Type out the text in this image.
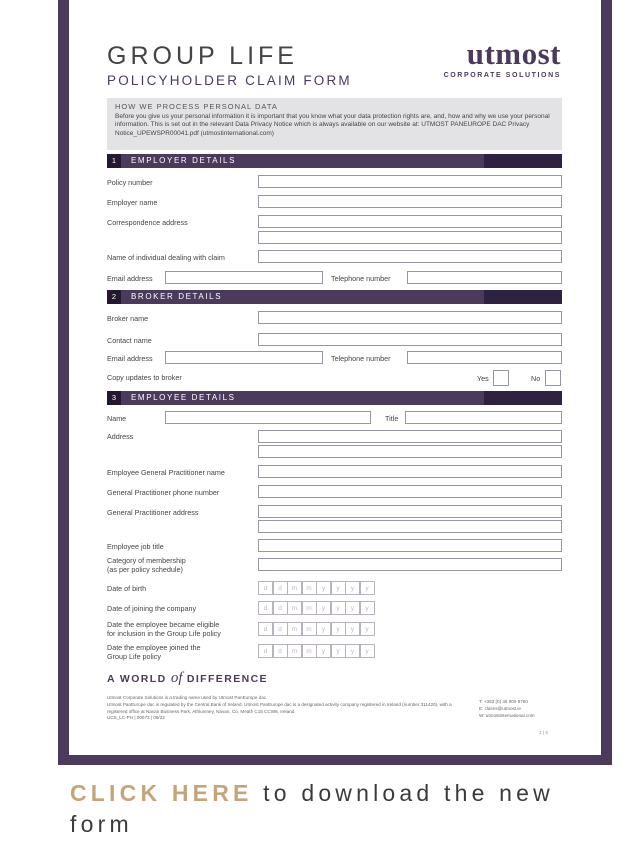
GROUP LIFE
POLICYHOLDER CLAIM FORM
utmost
CORPORATE SOLUTIONS
HOW WE PROCESS PERSONAL DATA
Before you give us your personal information it is important that you know what your data protection rights are, and, how and why we use your personal information. This is set out in the relevant Data Privacy Notice which is always available on our website at: UTMOST PANEUROPE DAC Privacy Notice_UPEWSPR00041.pdf (utmostinternational.com)
1	EMPLOYER DETAILS
Policy number
Employer name
Correspondence address
Name of individual dealing with claim
Email address	Telephone number
2	BROKER DETAILS
Broker name
Contact name
Email address	Telephone number
Copy updates to broker	Yes	No
3	EMPLOYEE DETAILS
Name	Title
Address
Employee General Practitioner name
General Practitioner phone number
General Practitioner address
Employee job title
Category of membership
(as per policy schedule)
Date of birth	d	d	m	m	y	y	y	y
Date of joining the company	d	d	m	m	y	y	y	y
Date the employee became eligible
for inclusion in the Group Life policy	d	d	m	m	y	y	y	y
Date the employee joined the
Group Life policy
d	d	m	m	y	y	y	y
A WORLD of DIFFERENCE
Utmost Corporate Solutions is a trading name used by Utmost PanEurope dac.
Utmost PanEurope dac is regulated by the Central Bank of Ireland. Utmost PanEurope dac is a designated activity company registered in Ireland (number 311420), with a registered office at Navan Business Park, Athlumney, Navan, Co. Meath C15 CCW8, Ireland.
UCS_LC-PH | 00073 | 09/22
T: +353 (0) 46 909 9760
E: claims@utmost.ie
W: utmostinternational.com
1 | 4
CLICK HERE to download the new form
